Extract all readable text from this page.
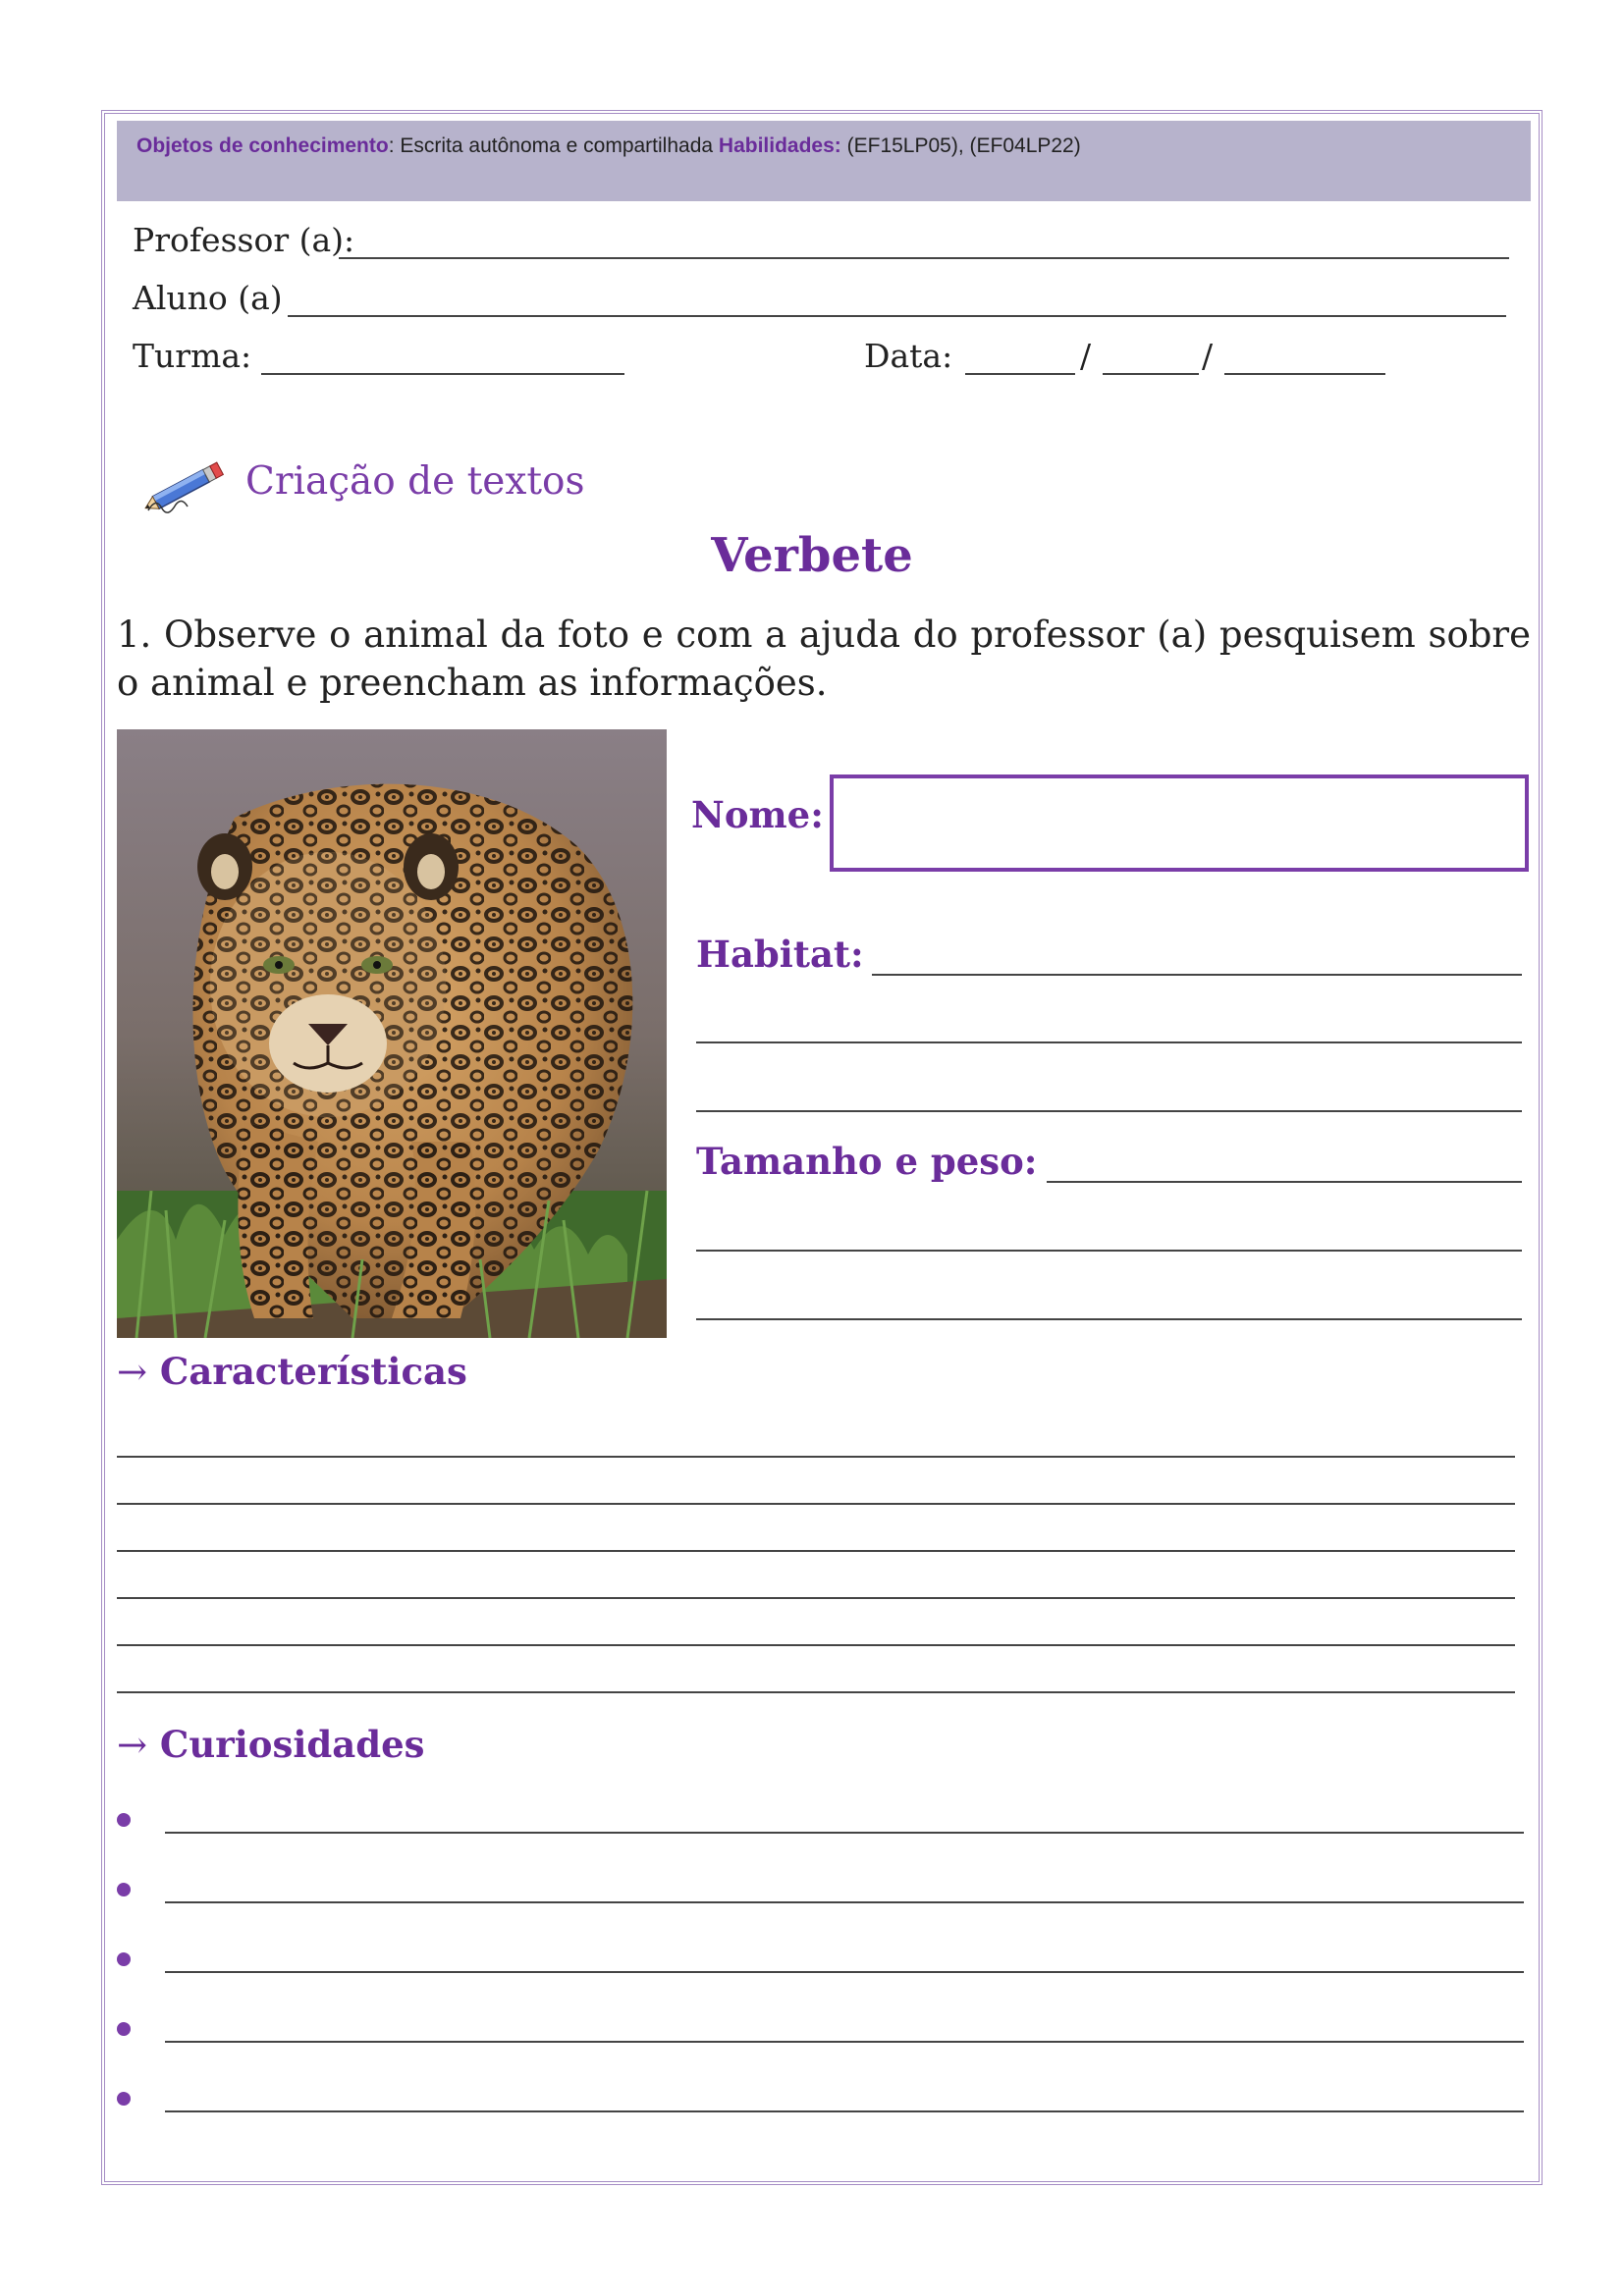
Objetos de conhecimento: Escrita autônoma e compartilhada Habilidades: (EF15LP05), (EF04LP22)
Professor (a):
Aluno (a)
Turma:	Data:	/	/
Criação de textos
Verbete
1. Observe o animal da foto e com a ajuda do professor (a) pesquisem sobre o animal e preencham as informações.
Nome:
Habitat:
Tamanho e peso:
→ Características
→ Curiosidades
